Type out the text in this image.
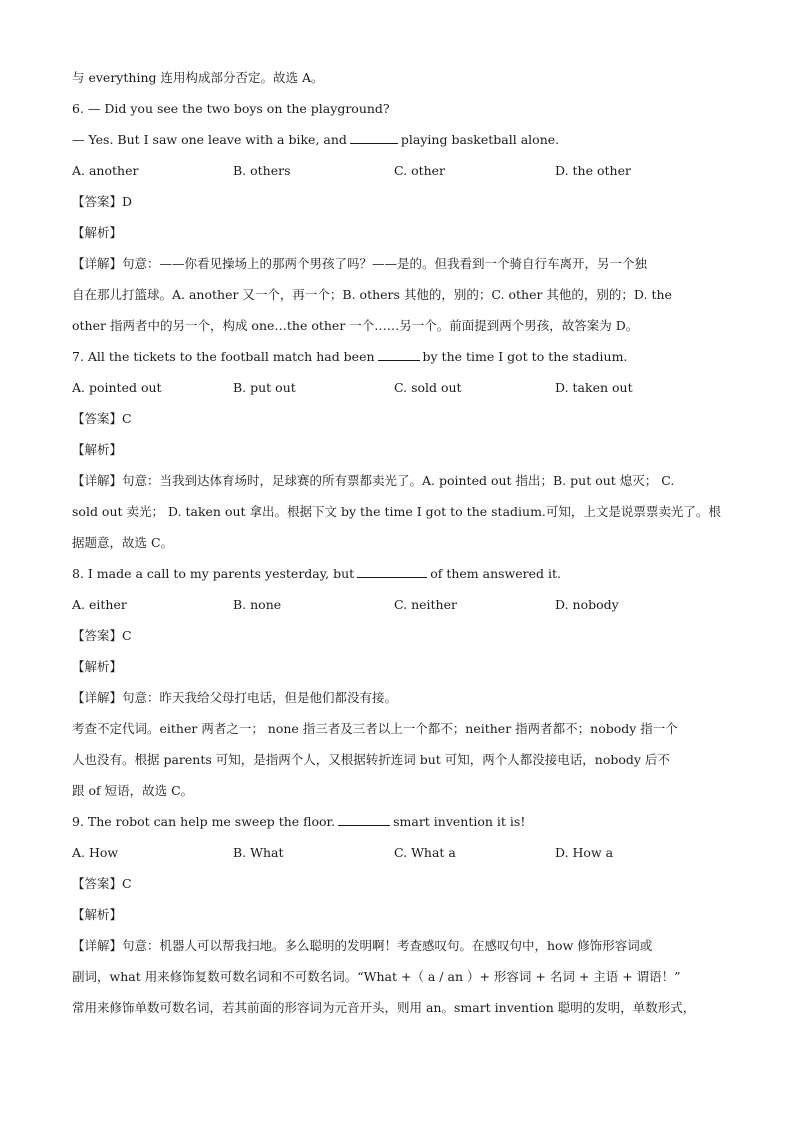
与 everything 连用构成部分否定。故选 A。
6. — Did you see the two boys on the playground?
— Yes. But I saw one leave with a bike, and	playing basketball alone.
A. another	B. others	C. other	D. the other
【答案】D
【解析】
【详解】句意：——你看见操场上的那两个男孩了吗？——是的。但我看到一个骑自行车离开，另一个独
自在那儿打篮球。A. another 又一个，再一个；B. others 其他的，别的；C. other 其他的，别的；D. the
other 指两者中的另一个，构成 one…the other 一个……另一个。前面提到两个男孩，故答案为 D。
7. All the tickets to the football match had been	by the time I got to the stadium.
A. pointed out	B. put out	C. sold out	D. taken out
【答案】C
【解析】
【详解】句意：当我到达体育场时，足球赛的所有票都卖光了。A. pointed out 指出；B. put out 熄灭； C.
sold out 卖光； D. taken out 拿出。根据下文 by the time I got to the stadium.可知，上文是说票票卖光了。根
据题意，故选 C。
8. I made a call to my parents yesterday, but	of them answered it.
A. either	B. none	C. neither	D. nobody
【答案】C
【解析】
【详解】句意：昨天我给父母打电话，但是他们都没有接。
考查不定代词。either 两者之一； none 指三者及三者以上一个都不；neither 指两者都不；nobody 指一个
人也没有。根据 parents 可知，是指两个人，又根据转折连词 but 可知，两个人都没接电话，nobody 后不
跟 of 短语，故选 C。
9. The robot can help me sweep the floor.	smart invention it is!
A. How	B. What	C. What a	D. How a
【答案】C
【解析】
【详解】句意：机器人可以帮我扫地。多么聪明的发明啊！考查感叹句。在感叹句中，how 修饰形容词或
副词，what 用来修饰复数可数名词和不可数名词。“What +（ a / an ）+ 形容词 + 名词 + 主语 + 谓语！”
常用来修饰单数可数名词，若其前面的形容词为元音开头，则用 an。smart invention 聪明的发明，单数形式，
